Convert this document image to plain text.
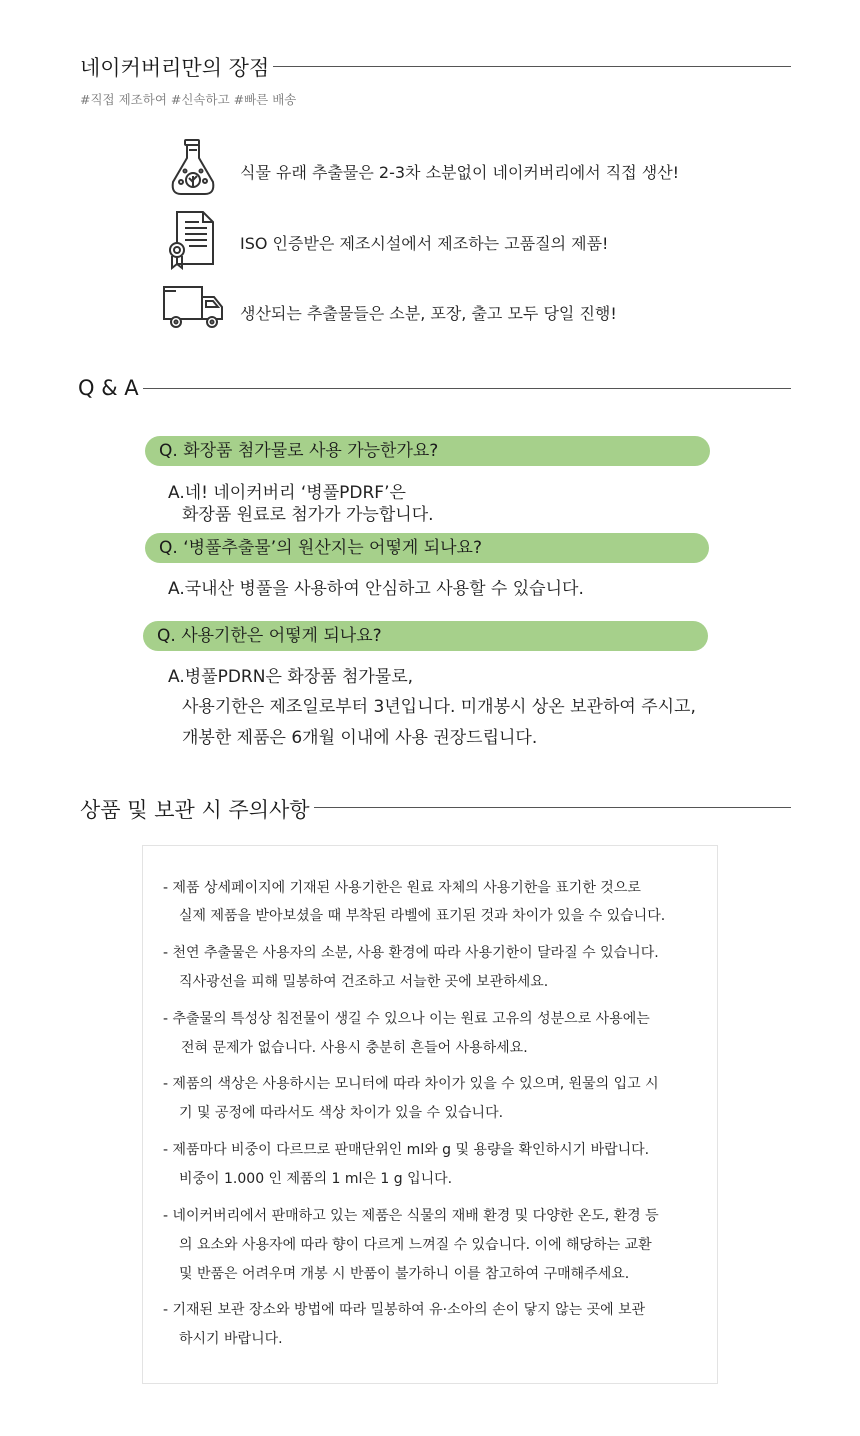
네이커버리만의 장점
#직접 제조하여 #신속하고 #빠른 배송
식물 유래 추출물은 2-3차 소분없이 네이커버리에서 직접 생산!
ISO 인증받은 제조시설에서 제조하는 고품질의 제품!
생산되는 추출물들은 소분, 포장, 출고 모두 당일 진행!
Q & A
Q. 화장품 첨가물로 사용 가능한가요?
A.네! 네이커버리 ‘병풀PDRF’은
화장품 원료로 첨가가 가능합니다.
Q. ‘병풀추출물’의 원산지는 어떻게 되나요?
A.국내산 병풀을 사용하여 안심하고 사용할 수 있습니다.
Q. 사용기한은 어떻게 되나요?
A.병풀PDRN은 화장품 첨가물로,
사용기한은 제조일로부터 3년입니다. 미개봉시 상온 보관하여 주시고,
개봉한 제품은 6개월 이내에 사용 권장드립니다.
상품 및 보관 시 주의사항
- 제품 상세페이지에 기재된 사용기한은 원료 자체의 사용기한을 표기한 것으로
실제 제품을 받아보셨을 때 부착된 라벨에 표기된 것과 차이가 있을 수 있습니다.
- 천연 추출물은 사용자의 소분, 사용 환경에 따라 사용기한이 달라질 수 있습니다.
직사광선을 피해 밀봉하여 건조하고 서늘한 곳에 보관하세요.
- 추출물의 특성상 침전물이 생길 수 있으나 이는 원료 고유의 성분으로 사용에는
전혀 문제가 없습니다. 사용시 충분히 흔들어 사용하세요.
- 제품의 색상은 사용하시는 모니터에 따라 차이가 있을 수 있으며, 원물의 입고 시
기 및 공정에 따라서도 색상 차이가 있을 수 있습니다.
- 제품마다 비중이 다르므로 판매단위인 ml와 g 및 용량을 확인하시기 바랍니다.
비중이 1.000 인 제품의 1 ml은 1 g 입니다.
- 네이커버리에서 판매하고 있는 제품은 식물의 재배 환경 및 다양한 온도, 환경 등
의 요소와 사용자에 따라 향이 다르게 느껴질 수 있습니다. 이에 해당하는 교환
및 반품은 어려우며 개봉 시 반품이 불가하니 이를 참고하여 구매해주세요.
- 기재된 보관 장소와 방법에 따라 밀봉하여 유·소아의 손이 닿지 않는 곳에 보관
하시기 바랍니다.
